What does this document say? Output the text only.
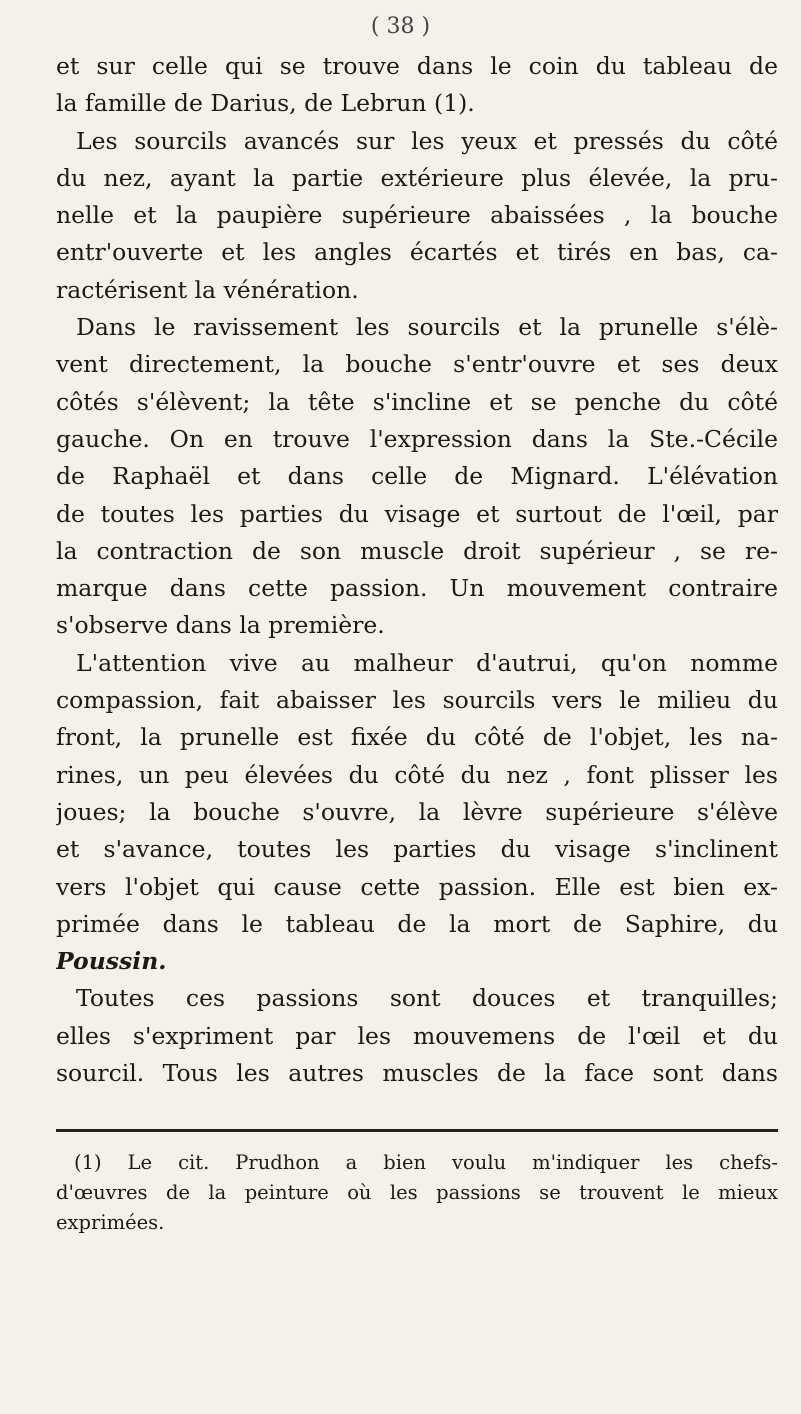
( 38 )
et sur celle qui se trouve dans le coin du tableau de
la famille de Darius, de Lebrun (1).
Les sourcils avancés sur les yeux et pressés du côté
du nez, ayant la partie extérieure plus élevée, la pru-
nelle et la paupière supérieure abaissées , la bouche
entr'ouverte et les angles écartés et tirés en bas, ca-
ractérisent la vénération.
Dans le ravissement les sourcils et la prunelle s'élè-
vent directement, la bouche s'entr'ouvre et ses deux
côtés s'élèvent; la tête s'incline et se penche du côté
gauche. On en trouve l'expression dans la Ste.-Cécile
de Raphaël et dans celle de Mignard. L'élévation
de toutes les parties du visage et surtout de l'œil, par
la contraction de son muscle droit supérieur , se re-
marque dans cette passion. Un mouvement contraire
s'observe dans la première.
L'attention vive au malheur d'autrui, qu'on nomme
compassion, fait abaisser les sourcils vers le milieu du
front, la prunelle est fixée du côté de l'objet, les na-
rines, un peu élevées du côté du nez , font plisser les
joues; la bouche s'ouvre, la lèvre supérieure s'élève
et s'avance, toutes les parties du visage s'inclinent
vers l'objet qui cause cette passion. Elle est bien ex-
primée dans le tableau de la mort de Saphire, du
Poussin.
Toutes ces passions sont douces et tranquilles;
elles s'expriment par les mouvemens de l'œil et du
sourcil. Tous les autres muscles de la face sont dans
(1) Le cit. Prudhon a bien voulu m'indiquer les chefs-
d'œuvres de la peinture où les passions se trouvent le mieux
exprimées.
